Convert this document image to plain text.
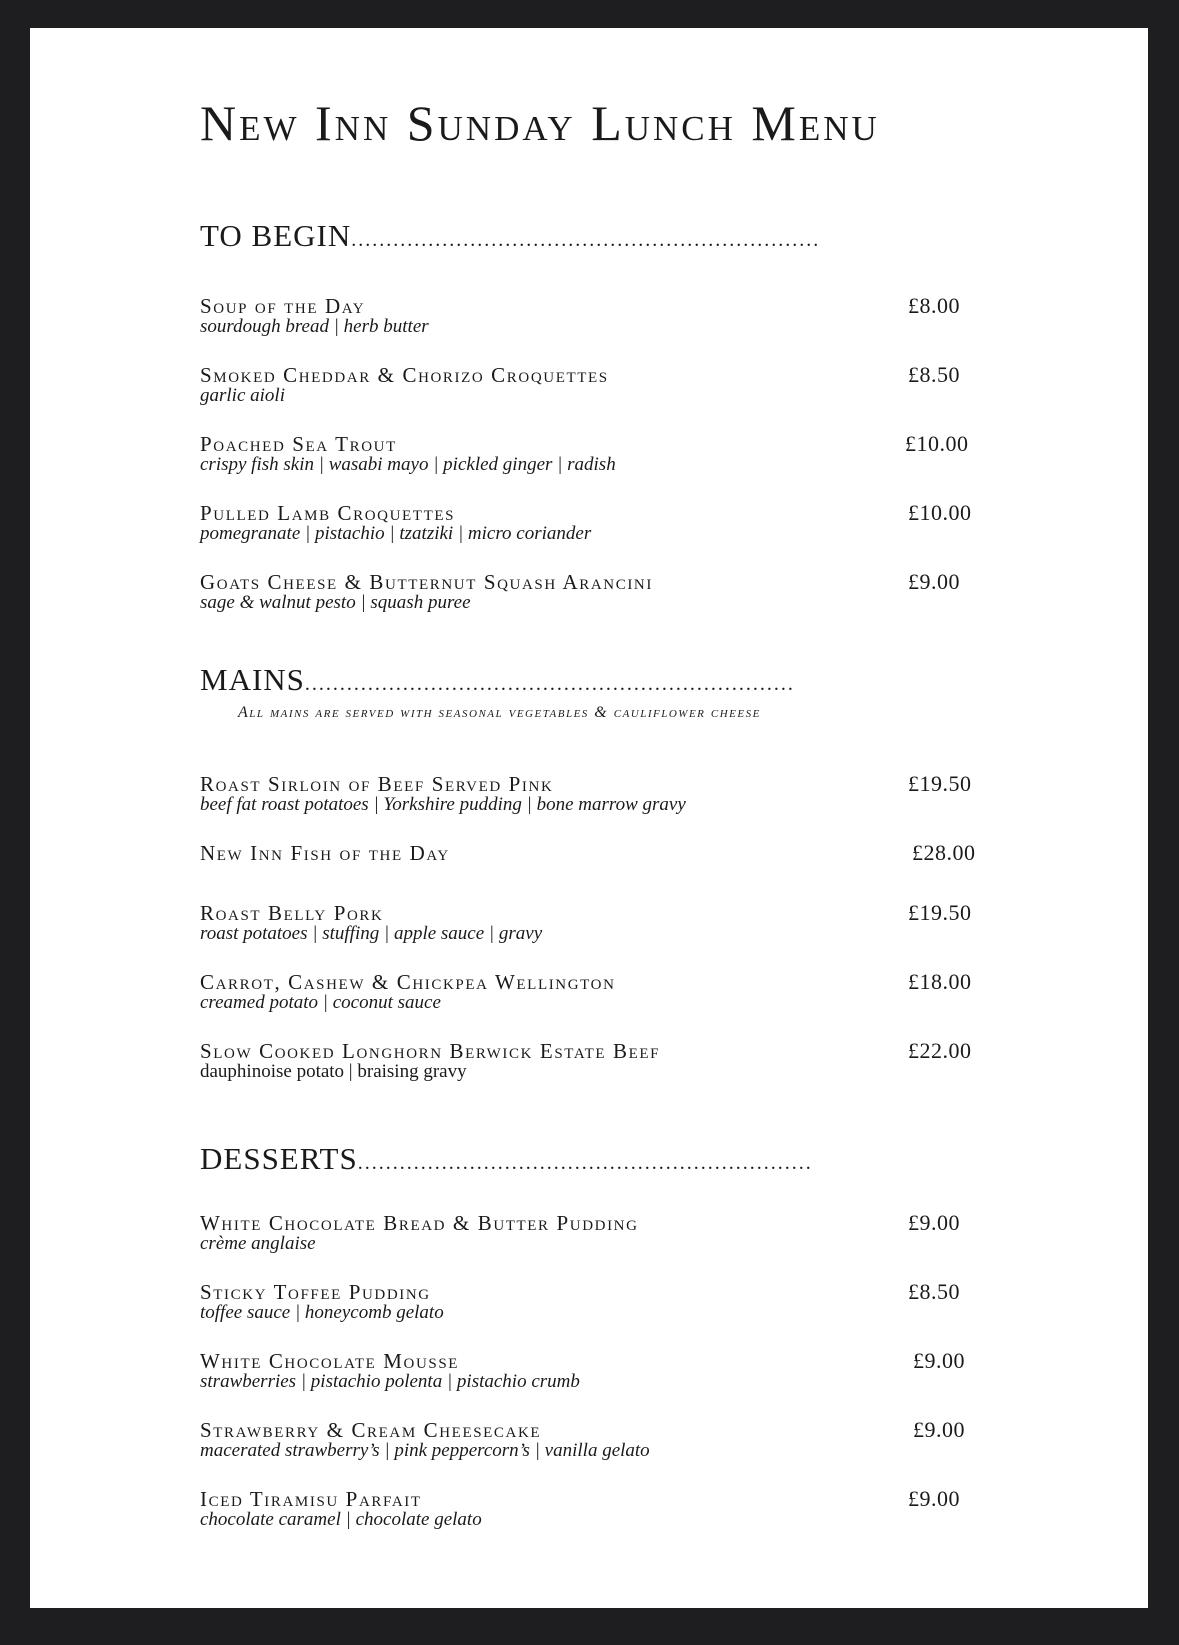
New Inn Sunday Lunch Menu
TO BEGIN...................................................................
Soup of the Day
sourdough bread | herb butter
£8.00
Smoked Cheddar & Chorizo Croquettes
garlic aioli
£8.50
Poached Sea Trout
crispy fish skin | wasabi mayo | pickled ginger | radish
£10.00
Pulled Lamb Croquettes
pomegranate | pistachio | tzatziki | micro coriander
£10.00
Goats Cheese & Butternut Squash Arancini
sage & walnut pesto | squash puree
£9.00
MAINS......................................................................
All mains are served with seasonal vegetables & cauliflower cheese
Roast Sirloin of Beef Served Pink
beef fat roast potatoes | Yorkshire pudding | bone marrow gravy
£19.50
New Inn Fish of the Day	£28.00
Roast Belly Pork
roast potatoes | stuffing | apple sauce | gravy
£19.50
Carrot, Cashew & Chickpea Wellington
creamed potato | coconut sauce
£18.00
Slow Cooked Longhorn Berwick Estate Beef
dauphinoise potato | braising gravy
£22.00
DESSERTS.................................................................
White Chocolate Bread & Butter Pudding
crème anglaise
£9.00
Sticky Toffee Pudding
toffee sauce | honeycomb gelato
£8.50
White Chocolate Mousse
strawberries | pistachio polenta | pistachio crumb
£9.00
Strawberry & Cream Cheesecake
macerated strawberry’s | pink peppercorn’s | vanilla gelato
£9.00
Iced Tiramisu Parfait
chocolate caramel | chocolate gelato
£9.00
